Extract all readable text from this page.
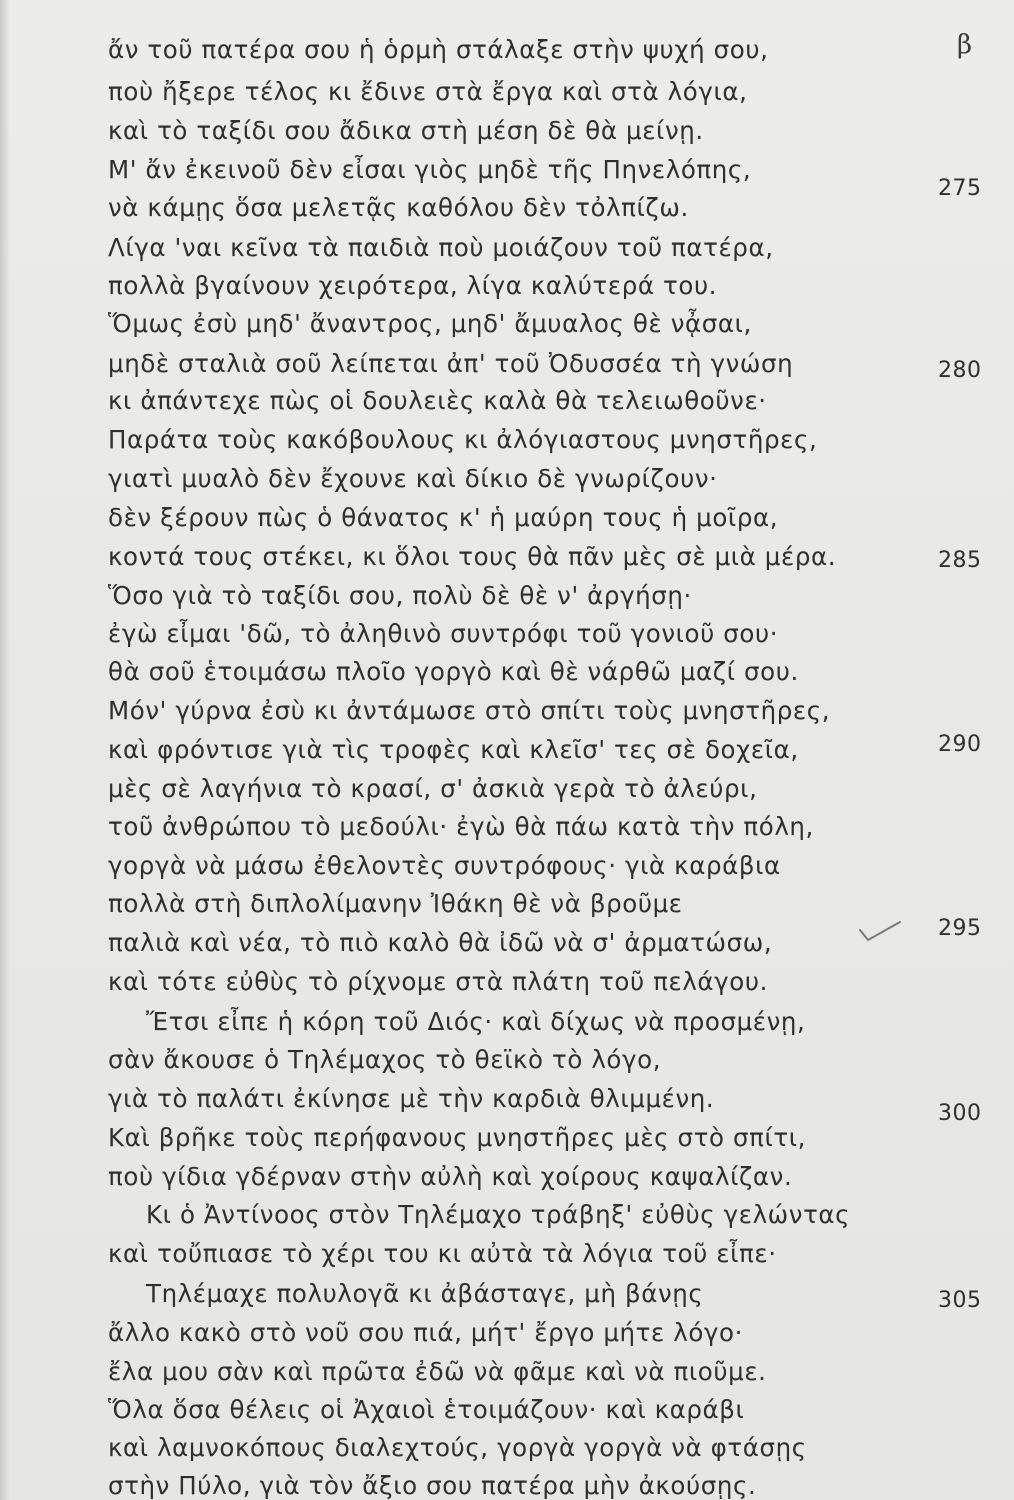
β
ἄν τοῦ πατέρα σου ἡ ὁρμὴ στάλαξε στὴν ψυχή σου,
ποὺ ἤξερε τέλος κι ἔδινε στὰ ἔργα καὶ στὰ λόγια,
καὶ τὸ ταξίδι σου ἄδικα στὴ μέση δὲ θὰ μείνῃ.
Μ' ἄν ἐκεινοῦ δὲν εἶσαι γιὸς μηδὲ τῆς Πηνελόπης,
νὰ κάμῃς ὅσα μελετᾷς καθόλου δὲν τὀλπίζω.
Λίγα 'ναι κεῖνα τὰ παιδιὰ ποὺ μοιάζουν τοῦ πατέρα,
πολλὰ βγαίνουν χειρότερα, λίγα καλύτερά του.
Ὅμως ἐσὺ μηδ' ἄναντρος, μηδ' ἄμυαλος θὲ νᾆσαι,
μηδὲ σταλιὰ σοῦ λείπεται ἀπ' τοῦ Ὀδυσσέα τὴ γνώση
κι ἀπάντεχε πὼς οἱ δουλειὲς καλὰ θὰ τελειωθοῦνε·
Παράτα τοὺς κακόβουλους κι ἀλόγιαστους μνηστῆρες,
γιατὶ μυαλὸ δὲν ἔχουνε καὶ δίκιο δὲ γνωρίζουν·
δὲν ξέρουν πὼς ὁ θάνατος κ' ἡ μαύρη τους ἡ μοῖρα,
κοντά τους στέκει, κι ὅλοι τους θὰ πᾶν μὲς σὲ μιὰ μέρα.
Ὅσο γιὰ τὸ ταξίδι σου, πολὺ δὲ θὲ ν' ἀργήσῃ·
ἐγὼ εἶμαι 'δῶ, τὸ ἀληθινὸ συντρόφι τοῦ γονιοῦ σου·
θὰ σοῦ ἑτοιμάσω πλοῖο γοργὸ καὶ θὲ νάρθῶ μαζί σου.
Μόν' γύρνα ἐσὺ κι ἀντάμωσε στὸ σπίτι τοὺς μνηστῆρες,
καὶ φρόντισε γιὰ τὶς τροφὲς καὶ κλεῖσ' τες σὲ δοχεῖα,
μὲς σὲ λαγήνια τὸ κρασί, σ' ἀσκιὰ γερὰ τὸ ἀλεύρι,
τοῦ ἀνθρώπου τὸ μεδούλι· ἐγὼ θὰ πάω κατὰ τὴν πόλη,
γοργὰ νὰ μάσω ἐθελοντὲς συντρόφους· γιὰ καράβια
πολλὰ στὴ διπλολίμανην Ἰθάκη θὲ νὰ βροῦμε
παλιὰ καὶ νέα, τὸ πιὸ καλὸ θὰ ἰδῶ νὰ σ' ἀρματώσω,
καὶ τότε εὐθὺς τὸ ρίχνομε στὰ πλάτη τοῦ πελάγου.
Ἔτσι εἶπε ἡ κόρη τοῦ Διός· καὶ δίχως νὰ προσμένῃ,
σὰν ἄκουσε ὁ Τηλέμαχος τὸ θεϊκὸ τὸ λόγο,
γιὰ τὸ παλάτι ἐκίνησε μὲ τὴν καρδιὰ θλιμμένη.
Καὶ βρῆκε τοὺς περήφανους μνηστῆρες μὲς στὸ σπίτι,
ποὺ γίδια γδέρναν στὴν αὐλὴ καὶ χοίρους καψαλίζαν.
Κι ὁ Ἀντίνοος στὸν Τηλέμαχο τράβηξ' εὐθὺς γελώντας
καὶ τοὔπιασε τὸ χέρι του κι αὐτὰ τὰ λόγια τοῦ εἶπε·
Τηλέμαχε πολυλογᾶ κι ἀβάσταγε, μὴ βάνῃς
ἄλλο κακὸ στὸ νοῦ σου πιά, μήτ' ἔργο μήτε λόγο·
ἔλα μου σὰν καὶ πρῶτα ἐδῶ νὰ φᾶμε καὶ νὰ πιοῦμε.
Ὅλα ὅσα θέλεις οἱ Ἀχαιοὶ ἑτοιμάζουν· καὶ καράβι
καὶ λαμνοκόπους διαλεχτούς, γοργὰ γοργὰ νὰ φτάσῃς
στὴν Πύλο, γιὰ τὸν ἄξιο σου πατέρα μὴν ἀκούσῃς.
275
280
285
290
295
300
305
